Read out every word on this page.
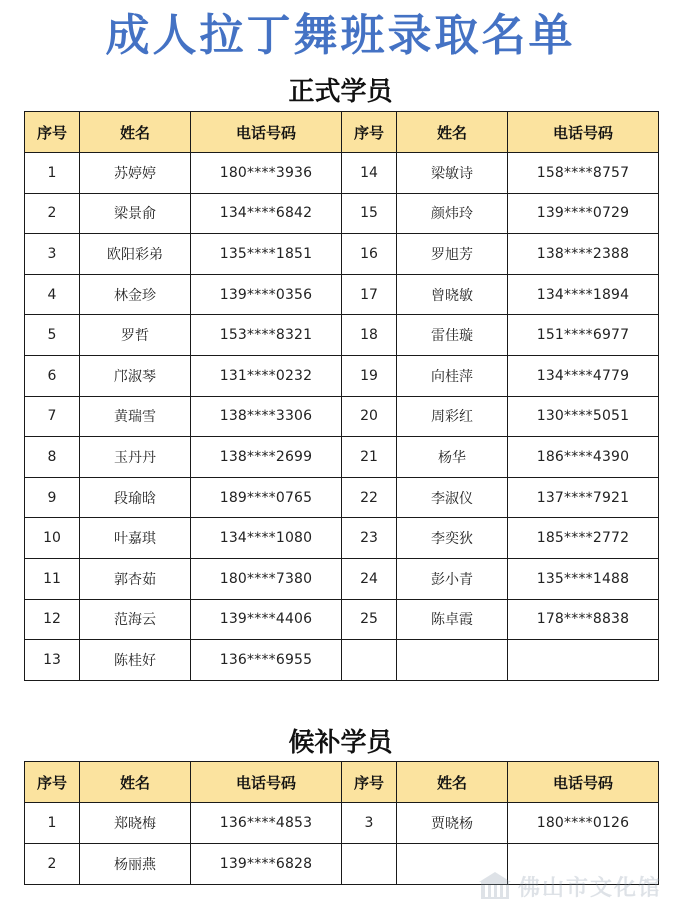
成人拉丁舞班录取名单
正式学员
序号	姓名	电话号码	序号	姓名	电话号码
1	苏婷婷	180****3936	14	梁敏诗	158****8757
2	梁景俞	134****6842	15	颜炜玲	139****0729
3	欧阳彩弟	135****1851	16	罗旭芳	138****2388
4	林金珍	139****0356	17	曾晓敏	134****1894
5	罗哲	153****8321	18	雷佳璇	151****6977
6	邝淑琴	131****0232	19	向桂萍	134****4779
7	黄瑞雪	138****3306	20	周彩红	130****5051
8	玉丹丹	138****2699	21	杨华	186****4390
9	段瑜晗	189****0765	22	李淑仪	137****7921
10	叶嘉琪	134****1080	23	李奕狄	185****2772
11	郭杏茹	180****7380	24	彭小青	135****1488
12	范海云	139****4406	25	陈卓霞	178****8838
13	陈桂好	136****6955			
候补学员
序号	姓名	电话号码	序号	姓名	电话号码
1	郑晓梅	136****4853	3	贾晓杨	180****0126
2	杨丽燕	139****6828			
佛山市文化馆
